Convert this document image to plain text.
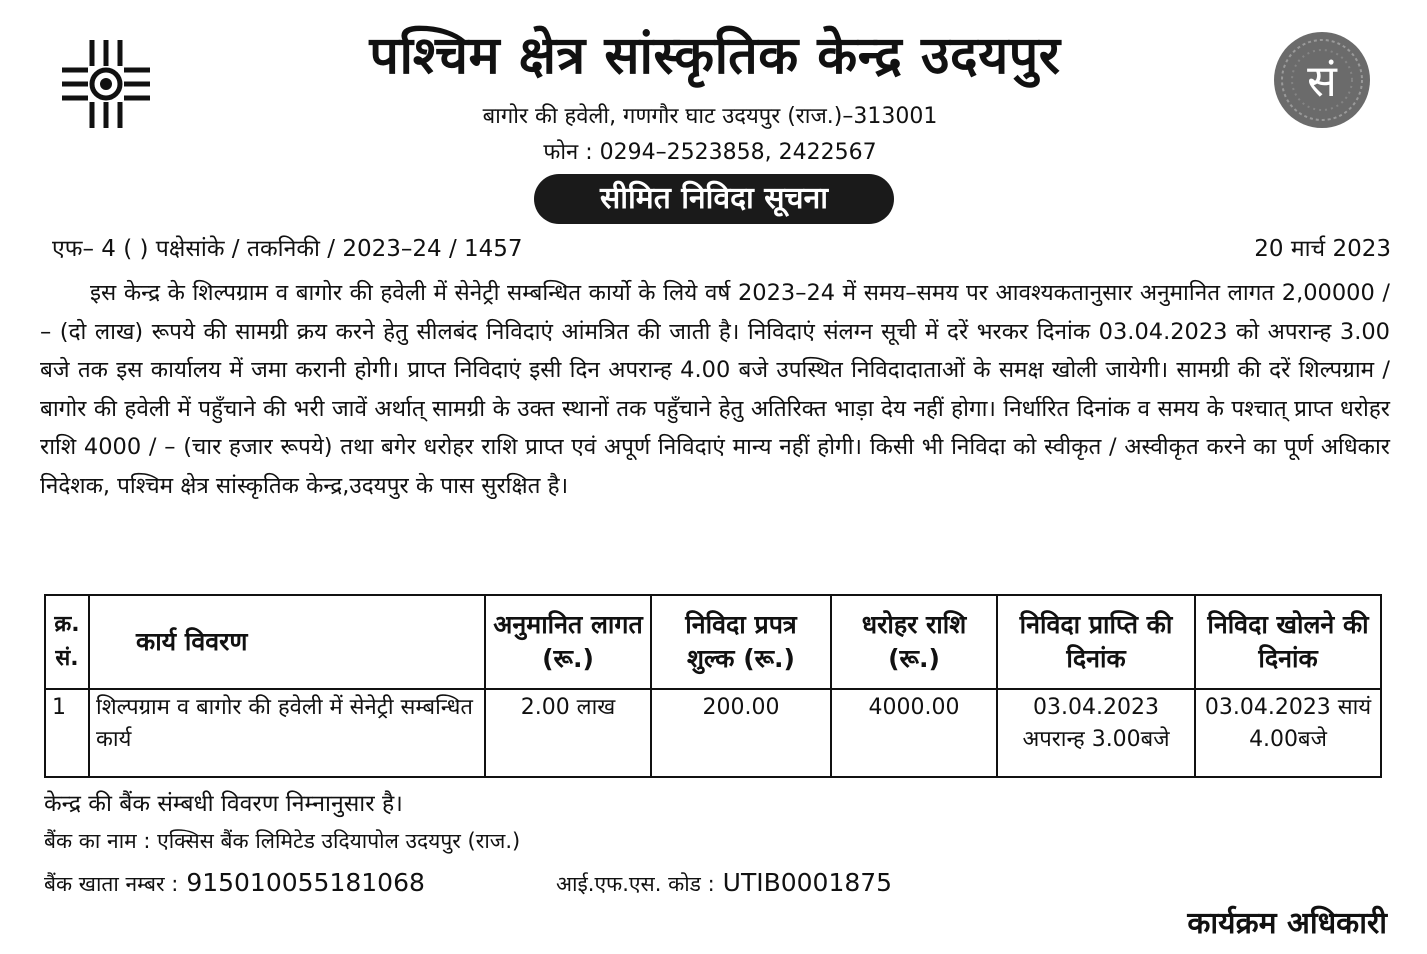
सं
पश्चिम क्षेत्र सांस्कृतिक केन्द्र उदयपुर
बागोर की हवेली, गणगौर घाट उदयपुर (राज.)–313001
फोन : 0294–2523858, 2422567
सीमित निविदा सूचना
एफ– 4 ( ) पक्षेसांके / तकनिकी / 2023–24 / 1457	20 मार्च 2023
इस केन्द्र के शिल्पग्राम व बागोर की हवेली में सेनेट्री सम्बन्धित कार्यो के लिये वर्ष 2023–24 में समय–समय पर आवश्यकतानुसार अनुमानित लागत 2,00000 / – (दो लाख) रूपये की सामग्री क्रय करने हेतु सीलबंद निविदाएं आंमत्रित की जाती है। निविदाएं संलग्न सूची में दरें भरकर दिनांक 03.04.2023 को अपरान्ह 3.00 बजे तक इस कार्यालय में जमा करानी होगी। प्राप्त निविदाएं इसी दिन अपरान्ह 4.00 बजे उपस्थित निविदादाताओं के समक्ष खोली जायेगी। सामग्री की दरें शिल्पग्राम / बागोर की हवेली में पहुँचाने की भरी जावें अर्थात् सामग्री के उक्त स्थानों तक पहुँचाने हेतु अतिरिक्त भाड़ा देय नहीं होगा। निर्धारित दिनांक व समय के पश्चात् प्राप्त धरोहर राशि 4000 / – (चार हजार रूपये) तथा बगेर धरोहर राशि प्राप्त एवं अपूर्ण निविदाएं मान्य नहीं होगी। किसी भी निविदा को स्वीकृत / अस्वीकृत करने का पूर्ण अधिकार निदेशक, पश्चिम क्षेत्र सांस्कृतिक केन्द्र,उदयपुर के पास सुरक्षित है।
क्र. सं.	कार्य विवरण	अनुमानित लागत (रू.)	निविदा प्रपत्र शुल्क (रू.)	धरोहर राशि (रू.)	निविदा प्राप्ति की दिनांक	निविदा खोलने की दिनांक
1	शिल्पग्राम व बागोर की हवेली में सेनेट्री सम्बन्धित कार्य	2.00 लाख	200.00	4000.00	03.04.2023 अपरान्ह 3.00बजे	03.04.2023 सायं 4.00बजे
केन्द्र की बैंक संम्बधी विवरण निम्नानुसार है।
बैंक का नाम : एक्सिस बैंक लिमिटेड उदियापोल उदयपुर (राज.)
बैंक खाता नम्बर : 915010055181068	आई.एफ.एस. कोड : UTIB0001875
कार्यक्रम अधिकारी
